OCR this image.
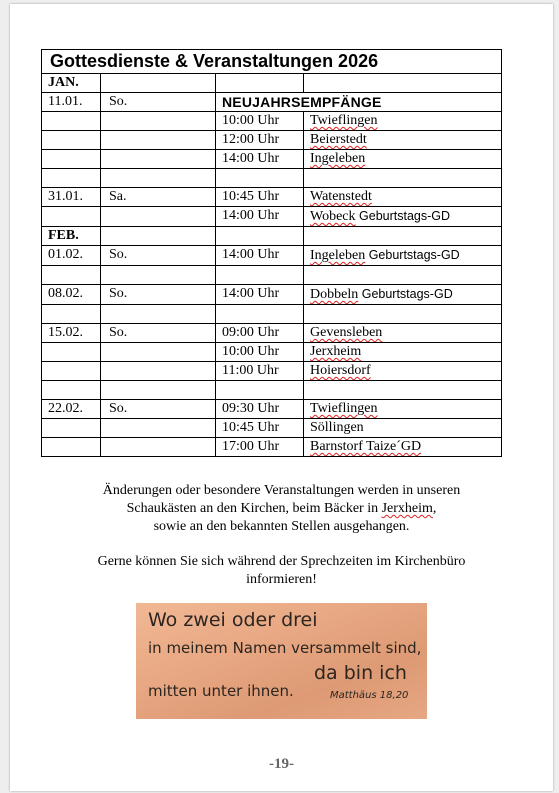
Gottesdienste & Veranstaltungen 2026			
JAN.			
11.01.	So.	NEUJAHRSEMPFÄNGE	
		10:00 Uhr	Twieflingen
		12:00 Uhr	Beierstedt
		14:00 Uhr	Ingeleben

31.01.	Sa.	10:45 Uhr	Watenstedt
		14:00 Uhr	Wobeck Geburtstags-GD
FEB.			
01.02.	So.	14:00 Uhr	Ingeleben Geburtstags-GD

08.02.	So.	14:00 Uhr	Dobbeln Geburtstags-GD

15.02.	So.	09:00 Uhr	Gevensleben
		10:00 Uhr	Jerxheim
		11:00 Uhr	Hoiersdorf

22.02.	So.	09:30 Uhr	Twieflingen
		10:45 Uhr	Söllingen
		17:00 Uhr	Barnstorf Taize´GD
Änderungen oder besondere Veranstaltungen werden in unseren
Schaukästen an den Kirchen, beim Bäcker in Jerxheim,
sowie an den bekannten Stellen ausgehangen.
Gerne können Sie sich während der Sprechzeiten im Kirchenbüro
informieren!
Wo zwei oder drei
in meinem Namen versammelt sind,
da bin ich
mitten unter ihnen.	Matthäus 18,20
-19-
